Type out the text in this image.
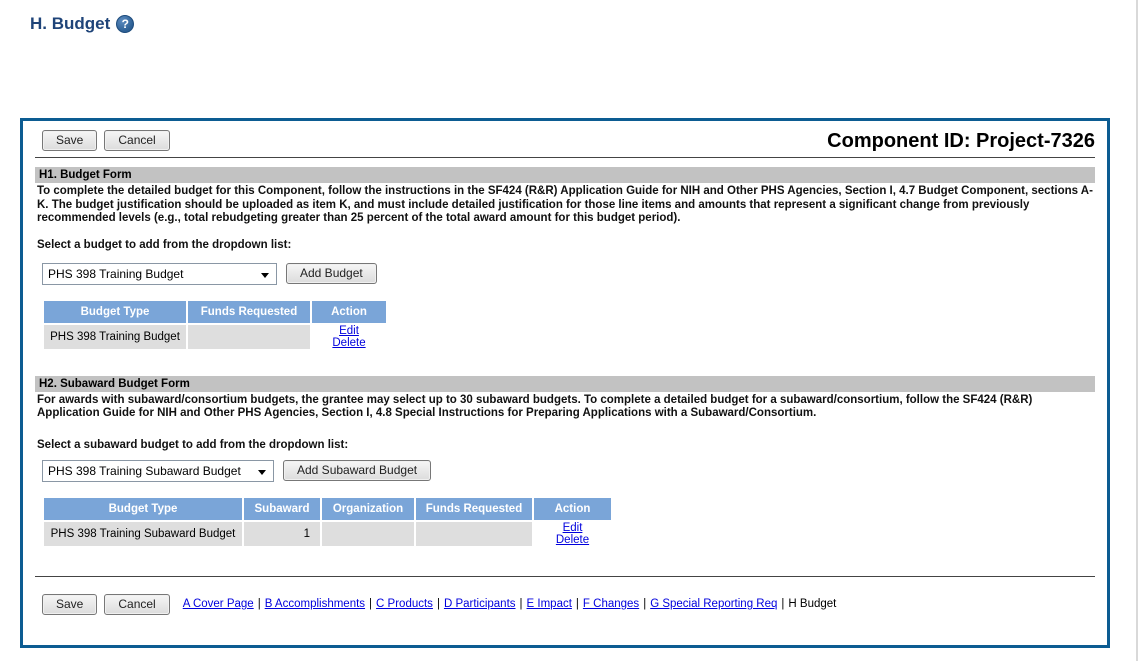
H. Budget ?
Save	Cancel	Component ID: Project-7326
H1. Budget Form
To complete the detailed budget for this Component, follow the instructions in the SF424 (R&R) Application Guide for NIH and Other PHS Agencies, Section I, 4.7 Budget Component, sections A-K. The budget justification should be uploaded as item K, and must include detailed justification for those line items and amounts that represent a significant change from previously recommended levels (e.g., total rebudgeting greater than 25 percent of the total award amount for this budget period).
Select a budget to add from the dropdown list:
PHS 398 Training Budget	Add Budget
Budget Type	Funds Requested	Action
PHS 398 Training Budget		Edit Delete
H2. Subaward Budget Form
For awards with subaward/consortium budgets, the grantee may select up to 30 subaward budgets. To complete a detailed budget for a subaward/consortium, follow the SF424 (R&R) Application Guide for NIH and Other PHS Agencies, Section I, 4.8 Special Instructions for Preparing Applications with a Subaward/Consortium.
Select a subaward budget to add from the dropdown list:
PHS 398 Training Subaward Budget	Add Subaward Budget
Budget Type	Subaward	Organization	Funds Requested	Action
PHS 398 Training Subaward Budget	1			Edit Delete
Save	Cancel	A Cover Page | B Accomplishments | C Products | D Participants | E Impact | F Changes | G Special Reporting Req | H Budget
